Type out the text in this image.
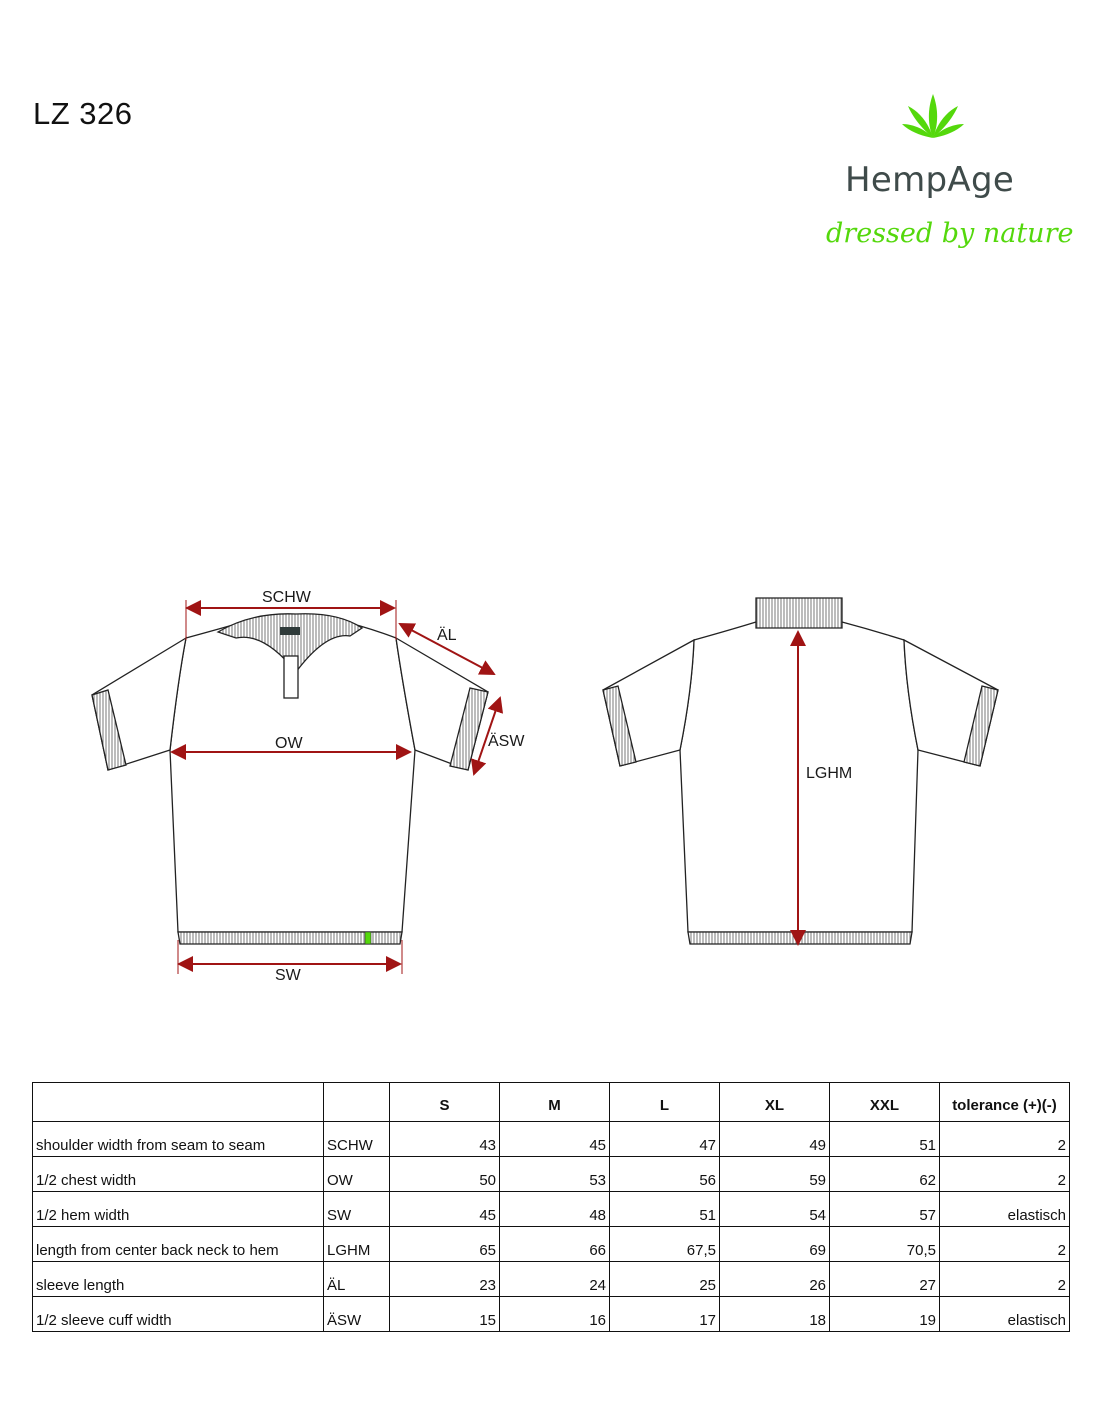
LZ 326
HempAge
dressed by nature
SCHW
ÄL
ÄSW
OW
SW
LGHM
		S	M	L	XL	XXL	tolerance (+)(-)
shoulder width from seam to seam	SCHW	43	45	47	49	51	2
1/2 chest width	OW	50	53	56	59	62	2
1/2 hem width	SW	45	48	51	54	57	elastisch
length from center back neck to hem	LGHM	65	66	67,5	69	70,5	2
sleeve length	ÄL	23	24	25	26	27	2
1/2 sleeve cuff width	ÄSW	15	16	17	18	19	elastisch
